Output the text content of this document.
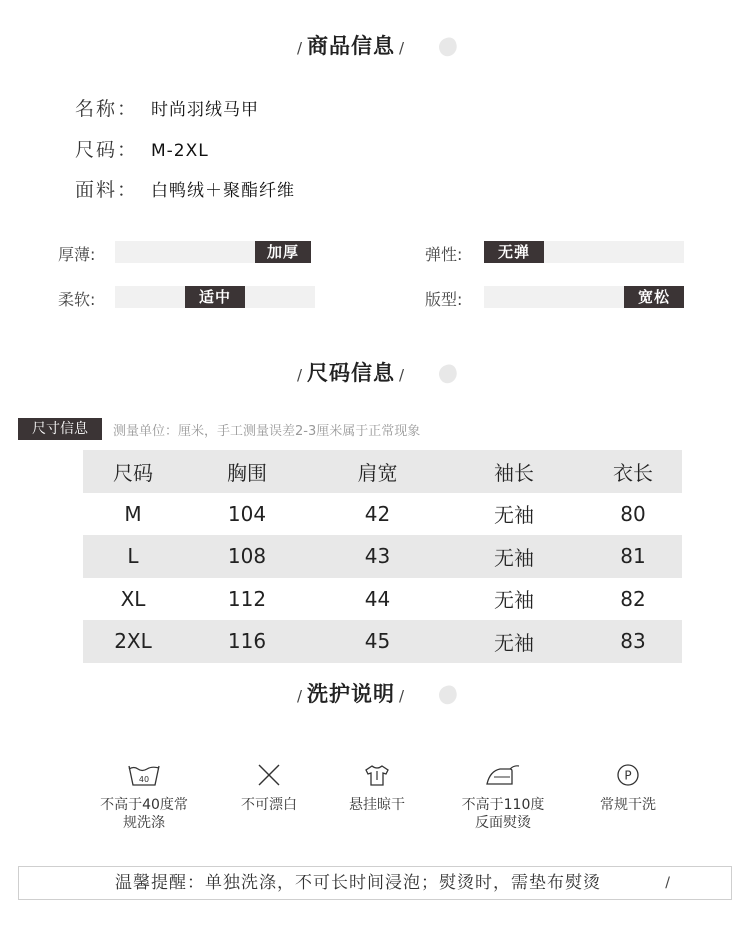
/ 商品信息 /
名称： 时尚羽绒马甲
尺码： M-2XL
面料： 白鸭绒＋聚酯纤维
厚薄:	加厚	弹性:	无弹
柔软:	适中	版型:	宽松
/ 尺码信息 /
尺寸信息	测量单位：厘米，手工测量误差2-3厘米属于正常现象
尺码	胸围	肩宽	袖长	衣长
M	104	42	无袖	80
L	108	43	无袖	81
XL	112	44	无袖	82
2XL	116	45	无袖	83
/ 洗护说明 /
40
不高于40度常
规洗涤
不可漂白	悬挂晾干	不高于110度
反面熨烫
P
常规干洗
温馨提醒：单独洗涤，不可长时间浸泡；熨烫时，需垫布熨烫	/
